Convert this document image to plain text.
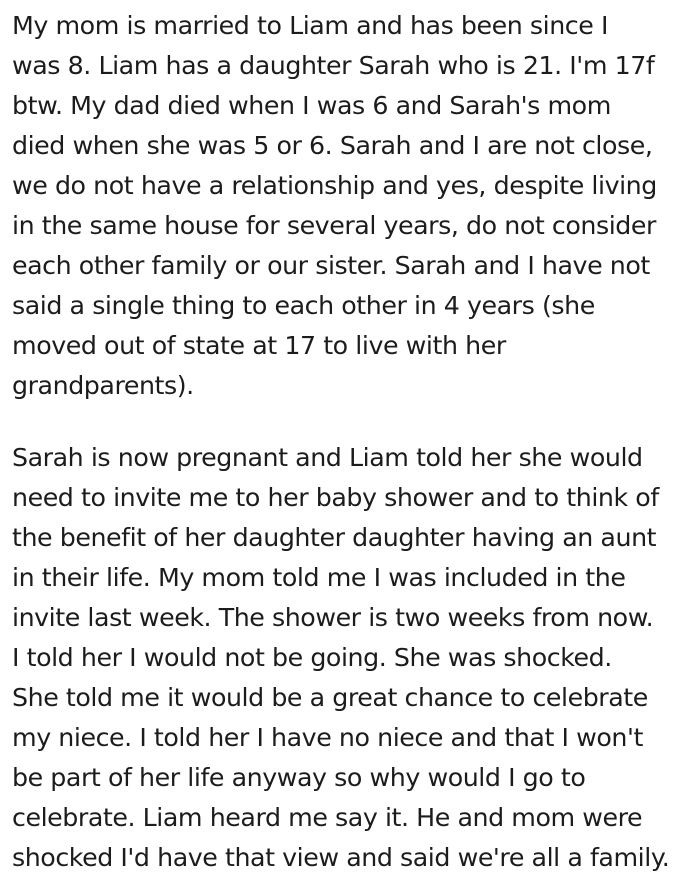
My mom is married to Liam and has been since I
was 8. Liam has a daughter Sarah who is 21. I'm 17f
btw. My dad died when I was 6 and Sarah's mom
died when she was 5 or 6. Sarah and I are not close,
we do not have a relationship and yes, despite living
in the same house for several years, do not consider
each other family or our sister. Sarah and I have not
said a single thing to each other in 4 years (she
moved out of state at 17 to live with her
grandparents).

Sarah is now pregnant and Liam told her she would
need to invite me to her baby shower and to think of
the benefit of her daughter daughter having an aunt
in their life. My mom told me I was included in the
invite last week. The shower is two weeks from now.
I told her I would not be going. She was shocked.
She told me it would be a great chance to celebrate
my niece. I told her I have no niece and that I won't
be part of her life anyway so why would I go to
celebrate. Liam heard me say it. He and mom were
shocked I'd have that view and said we're all a family.
